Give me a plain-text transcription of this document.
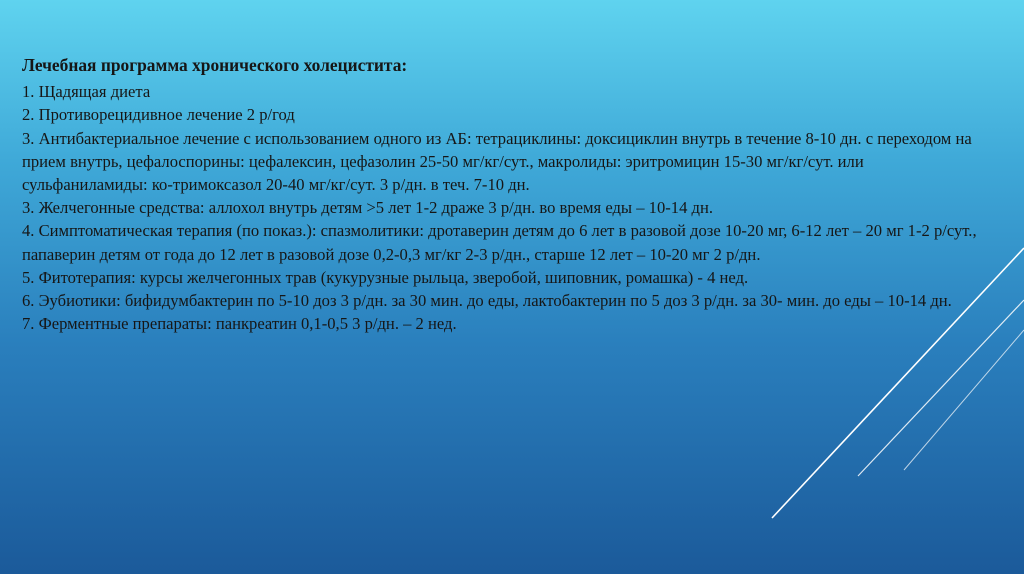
Лечебная программа хронического холецистита:

1. Щадящая диета

2. Противорецидивное лечение 2 р/год

3. Антибактериальное лечение с использованием одного из АБ: тетрациклины: доксициклин внутрь в течение 8-10 дн. с переходом на прием внутрь, цефалоспорины: цефалексин, цефазолин 25-50 мг/кг/сут., макролиды: эритромицин 15-30 мг/кг/сут. или сульфаниламиды: ко-тримоксазол 20-40 мг/кг/сут. 3 р/дн. в теч. 7-10 дн.

3. Желчегонные средства: аллохол внутрь детям >5 лет 1-2 драже 3 р/дн. во время еды – 10-14 дн.

4. Симптоматическая терапия (по показ.): спазмолитики: дротаверин детям до 6 лет в разовой дозе 10-20 мг, 6-12 лет – 20 мг 1-2 р/сут., папаверин детям от года до 12 лет в разовой дозе 0,2-0,3 мг/кг 2-3 р/дн., старше 12 лет – 10-20 мг 2 р/дн.

5. Фитотерапия: курсы желчегонных трав (кукурузные рыльца, зверобой, шиповник, ромашка) - 4 нед.

6. Эубиотики: бифидумбактерин по 5-10 доз 3 р/дн. за 30 мин. до еды, лактобактерин по 5 доз 3 р/дн. за 30- мин. до еды – 10-14 дн.

7. Ферментные препараты: панкреатин 0,1-0,5 3 р/дн. – 2 нед.
